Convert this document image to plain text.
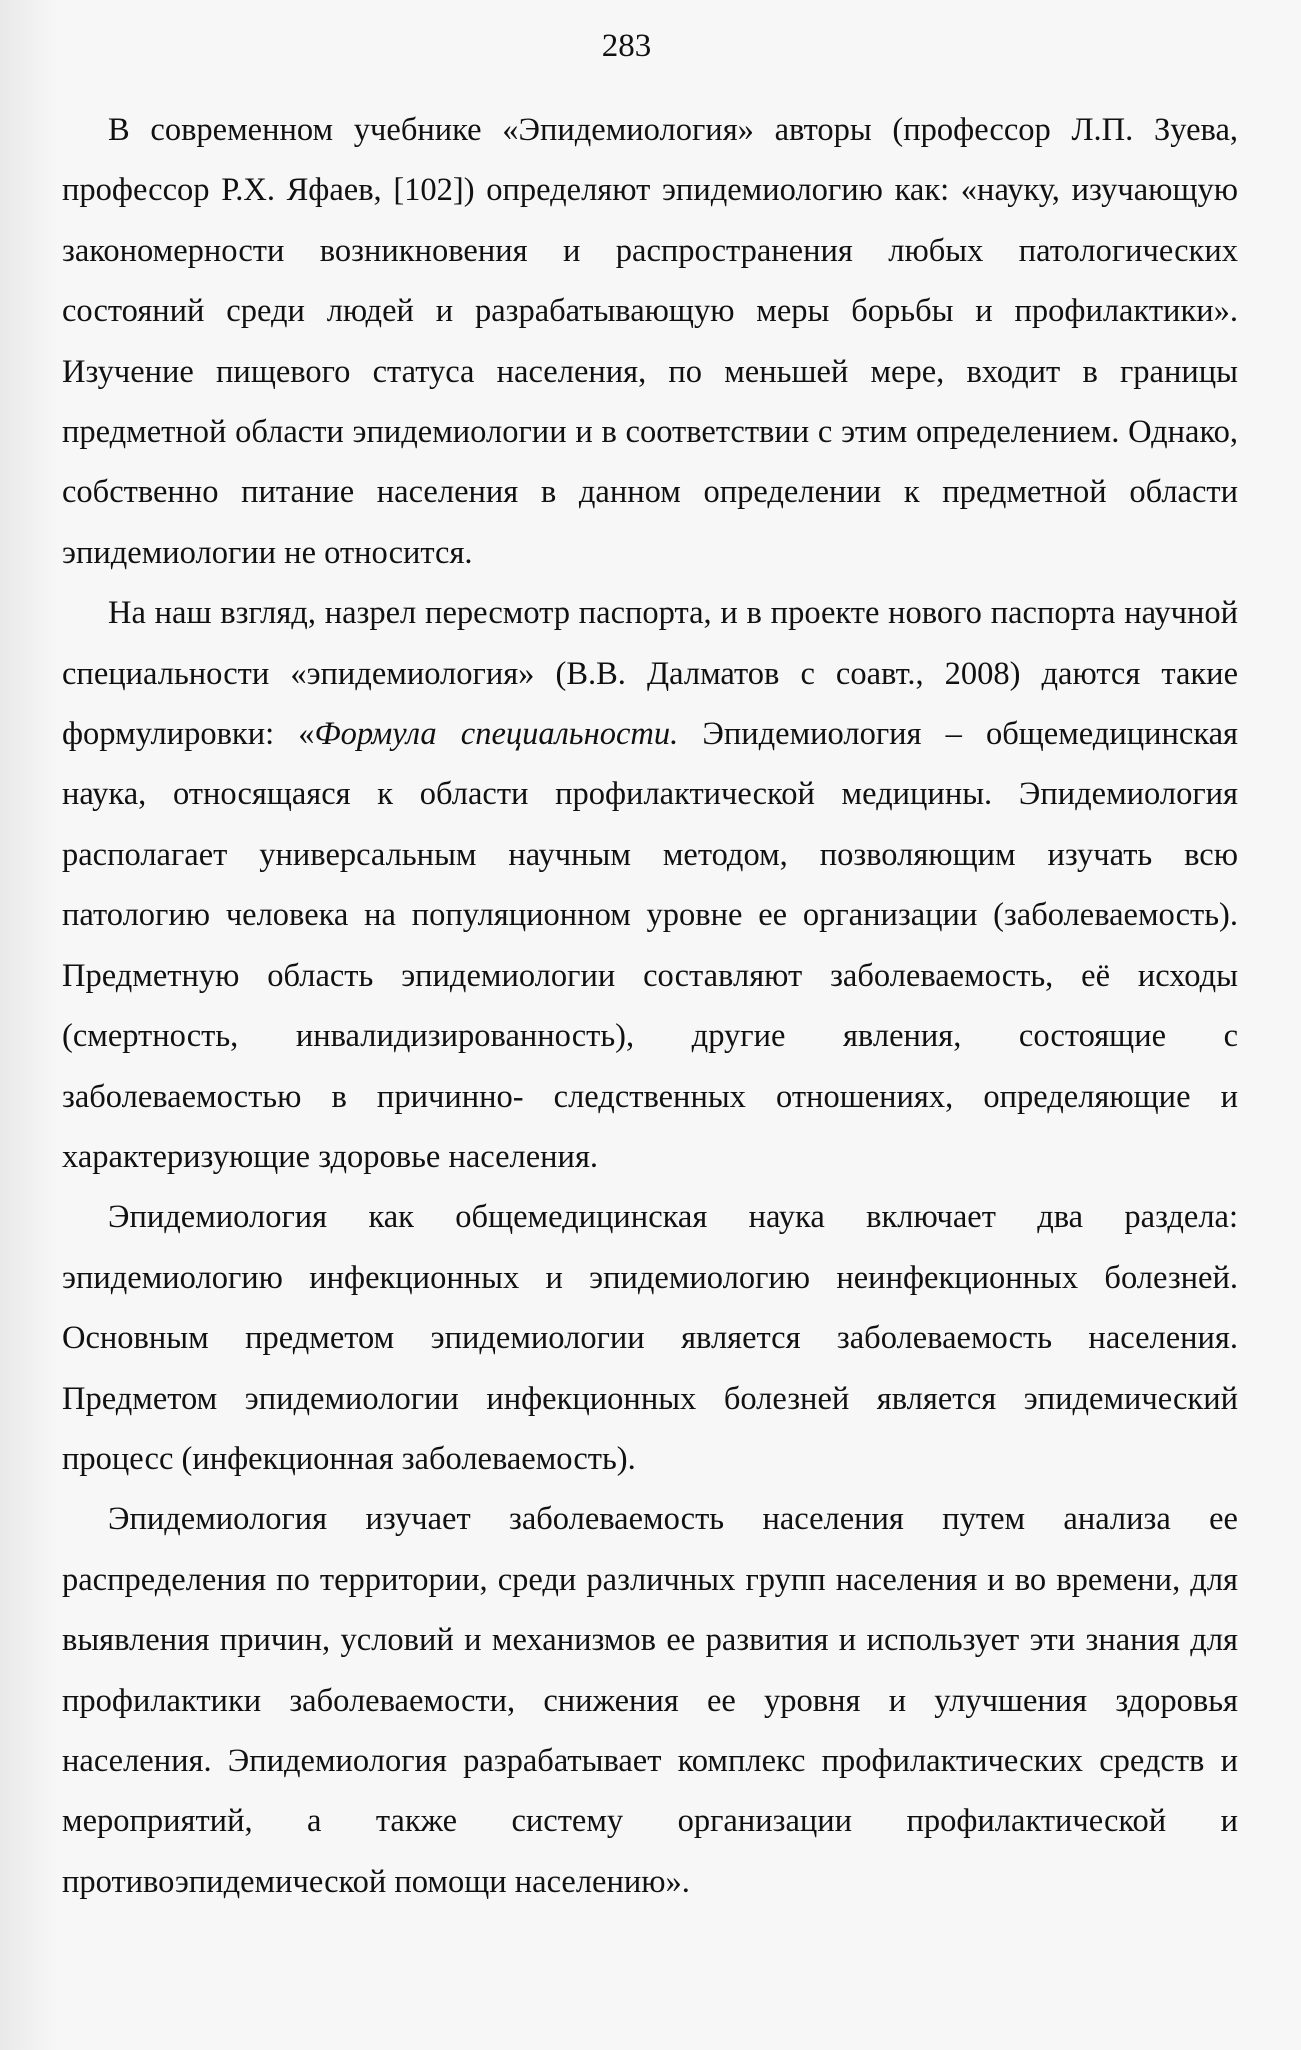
283

В современном учебнике «Эпидемиология» авторы (профессор Л.П. Зуева, профессор Р.Х. Яфаев, [102]) определяют эпидемиологию как: «науку, изучающую закономерности возникновения и распространения любых патологических состояний среди людей и разрабатывающую меры борьбы и профилактики». Изучение пищевого статуса населения, по меньшей мере, входит в границы предметной области эпидемиологии и в соответствии с этим определением. Однако, собственно питание населения в данном определении к предметной области эпидемиологии не относится.

На наш взгляд, назрел пересмотр паспорта, и в проекте нового паспорта научной специальности «эпидемиология» (В.В. Далматов с соавт., 2008) даются такие формулировки: «Формула специальности. Эпидемиология – общемедицинская наука, относящаяся к области профилактической медицины. Эпидемиология располагает универсальным научным методом, позволяющим изучать всю патологию человека на популяционном уровне ее организации (заболеваемость). Предметную область эпидемиологии составляют заболеваемость, её исходы (смертность, инвалидизированность), другие явления, состоящие с заболеваемостью в причинно- следственных отношениях, определяющие и характеризующие здоровье населения.

Эпидемиология как общемедицинская наука включает два раздела: эпидемиологию инфекционных и эпидемиологию неинфекционных болезней. Основным предметом эпидемиологии является заболеваемость населения. Предметом эпидемиологии инфекционных болезней является эпидемический процесс (инфекционная заболеваемость).

Эпидемиология изучает заболеваемость населения путем анализа ее распределения по территории, среди различных групп населения и во времени, для выявления причин, условий и механизмов ее развития и использует эти знания для профилактики заболеваемости, снижения ее уровня и улучшения здоровья населения. Эпидемиология разрабатывает комплекс профилактических средств и мероприятий, а также систему организации профилактической и противоэпидемической помощи населению».
